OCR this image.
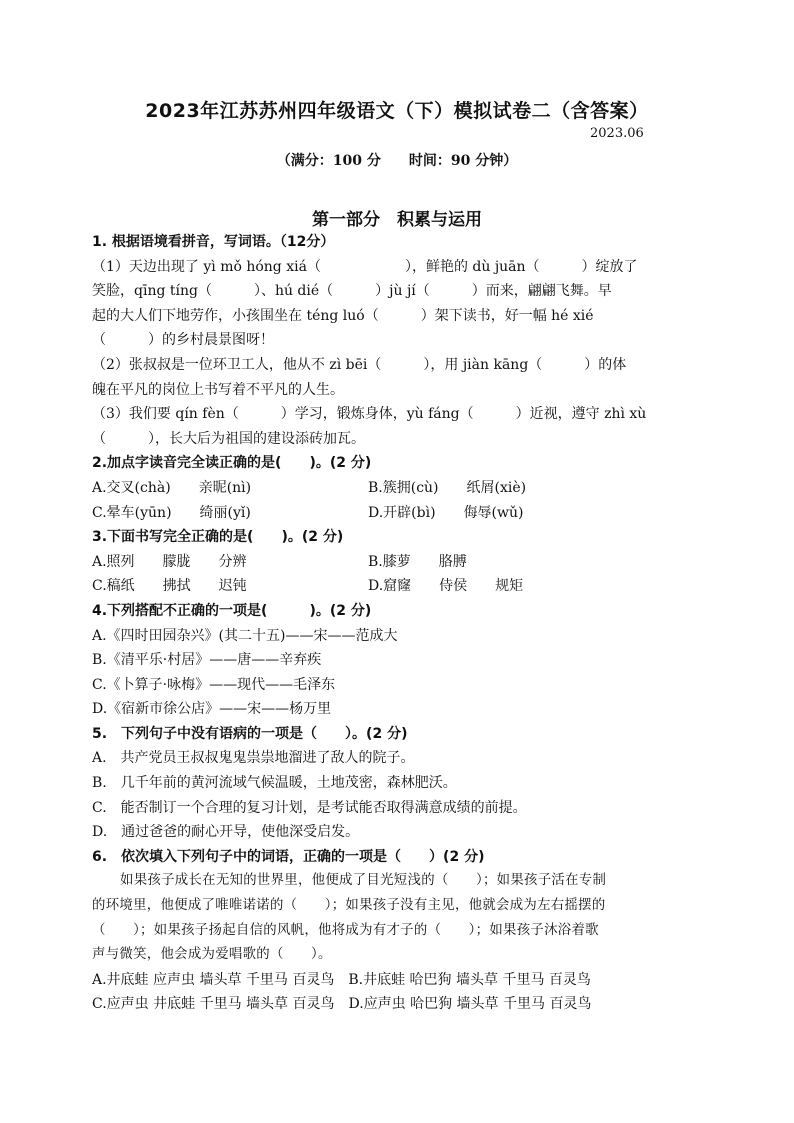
2023年江苏苏州四年级语文（下）模拟试卷二（含答案）
2023.06
（满分：100 分　　时间：90 分钟）
第一部分　积累与运用
1. 根据语境看拼音，写词语。（12分）
（1）天边出现了 yì mǒ hóng xiá（　　　　　　），鲜艳的 dù juān（　　　）绽放了
笑脸，qīng tíng（　　　）、hú dié（　　　）jù jí（　　　）而来，翩翩飞舞。早
起的大人们下地劳作，小孩围坐在 téng luó（　　　）架下读书，好一幅 hé xié
（　　　）的乡村晨景图呀！
（2）张叔叔是一位环卫工人，他从不 zì bēi（　　　），用 jiàn kāng（　　　）的体
魄在平凡的岗位上书写着不平凡的人生。
（3）我们要 qín fèn（　　　）学习，锻炼身体，yù fáng（　　　）近视，遵守 zhì xù
（　　　），长大后为祖国的建设添砖加瓦。
2.加点字读音完全读正确的是(　　)。(2 分)
A.交叉(chà)　　亲昵(nì)	B.簇拥(cù)　　纸屑(xiè)
C.晕车(yūn)　　绮丽(yǐ)	D.开辟(bì)　　侮辱(wǔ)
3.下面书写完全正确的是(　　)。(2 分)
A.照列　　朦胧　　分辨	B.膝萝　　胳膊
C.稿纸　　拂拭　　迟钝	D.窟窿　　侍侯　　规矩
4.下列搭配不正确的一项是(　　　)。(2 分)
A.《四时田园杂兴》(其二十五)——宋——范成大
B.《清平乐·村居》——唐——辛弃疾
C.《卜算子·咏梅》——现代——毛泽东
D.《宿新市徐公店》——宋——杨万里
5.　下列句子中没有语病的一项是（　　）。(2 分)
A.　共产党员王叔叔鬼鬼祟祟地溜进了敌人的院子。
B.　几千年前的黄河流域气候温暖，土地茂密，森林肥沃。
C.　能否制订一个合理的复习计划，是考试能否取得满意成绩的前提。
D.　通过爸爸的耐心开导，使他深受启发。
6.　依次填入下列句子中的词语，正确的一项是（　　）(2 分)
如果孩子成长在无知的世界里，他便成了目光短浅的（　　）；如果孩子活在专制
的环境里，他便成了唯唯诺诺的（　　）；如果孩子没有主见，他就会成为左右摇摆的
（　　）；如果孩子扬起自信的风帆，他将成为有才子的（　　）；如果孩子沐浴着歌
声与微笑，他会成为爱唱歌的（　　）。
A.井底蛙 应声虫 墙头草 千里马 百灵鸟　B.井底蛙 哈巴狗 墙头草 千里马 百灵鸟
C.应声虫 井底蛙 千里马 墙头草 百灵鸟　D.应声虫 哈巴狗 墙头草 千里马 百灵鸟
